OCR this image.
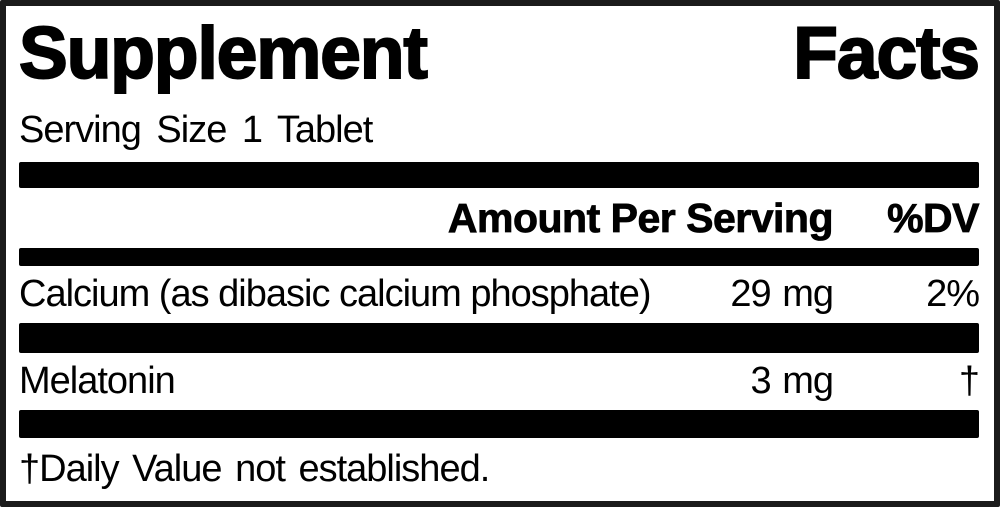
Supplement Facts
Serving Size 1 Tablet
Amount Per Serving	%DV
Calcium (as dibasic calcium phosphate)	29 mg	2%
Melatonin	3 mg	†
†Daily Value not established.
